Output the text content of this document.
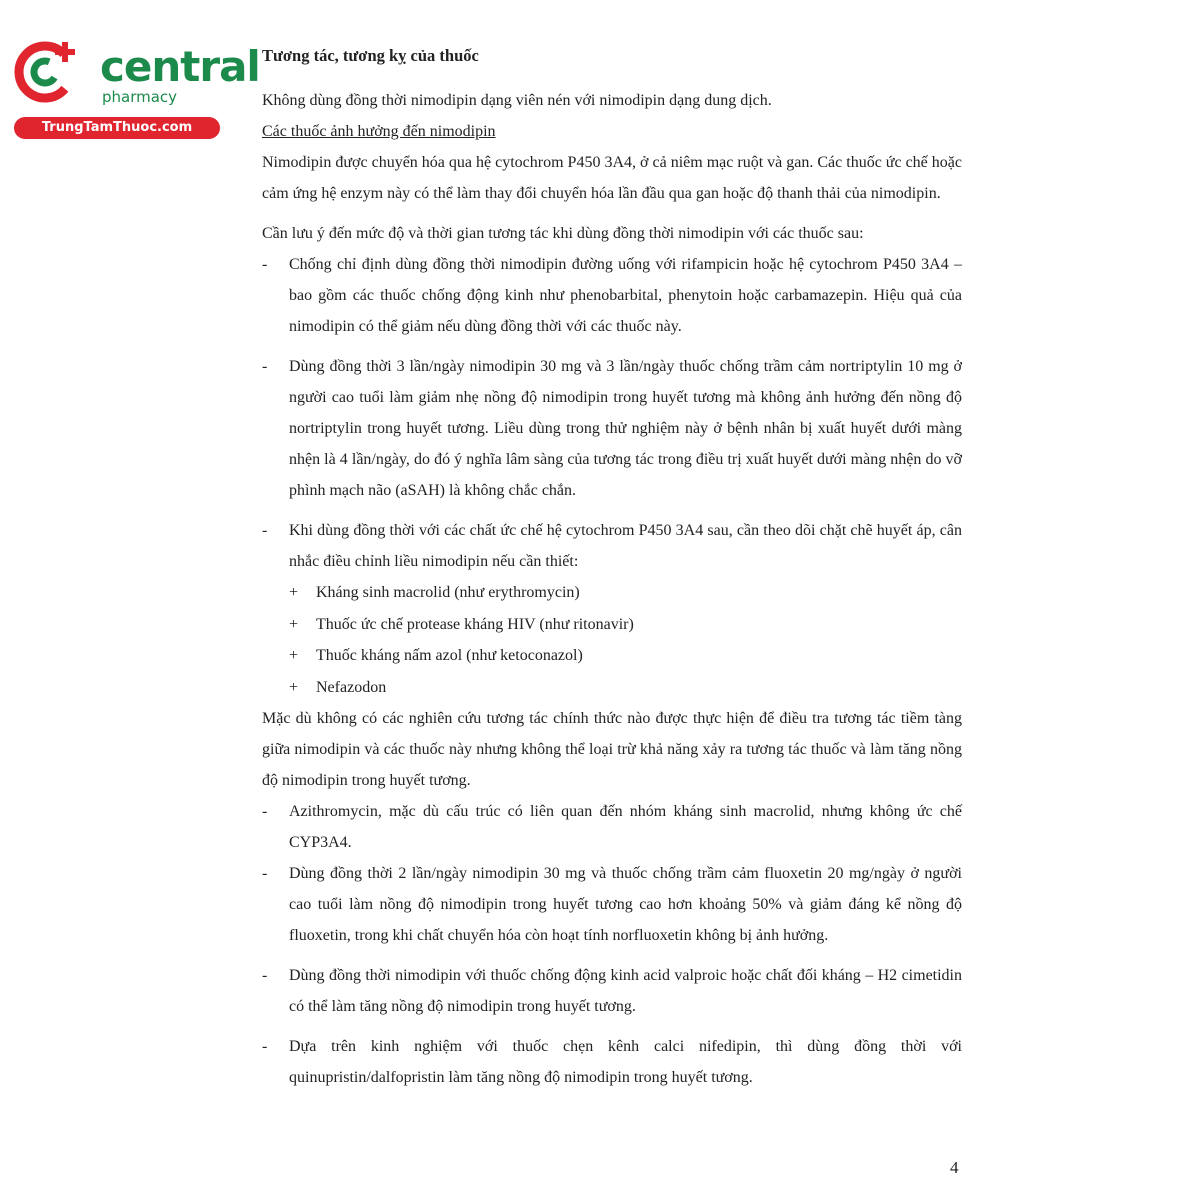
central
pharmacy
TrungTamThuoc.com
Tương tác, tương kỵ của thuốc

Không dùng đồng thời nimodipin dạng viên nén với nimodipin dạng dung dịch.

Các thuốc ảnh hưởng đến nimodipin

Nimodipin được chuyển hóa qua hệ cytochrom P450 3A4, ở cả niêm mạc ruột và gan. Các thuốc ức chế hoặc cảm ứng hệ enzym này có thể làm thay đổi chuyển hóa lần đầu qua gan hoặc độ thanh thải của nimodipin.

Cần lưu ý đến mức độ và thời gian tương tác khi dùng đồng thời nimodipin với các thuốc sau:

- Chống chỉ định dùng đồng thời nimodipin đường uống với rifampicin hoặc hệ cytochrom P450 3A4 – bao gồm các thuốc chống động kinh như phenobarbital, phenytoin hoặc carbamazepin. Hiệu quả của nimodipin có thể giảm nếu dùng đồng thời với các thuốc này.
- Dùng đồng thời 3 lần/ngày nimodipin 30 mg và 3 lần/ngày thuốc chống trầm cảm nortriptylin 10 mg ở người cao tuổi làm giảm nhẹ nồng độ nimodipin trong huyết tương mà không ảnh hưởng đến nồng độ nortriptylin trong huyết tương. Liều dùng trong thử nghiệm này ở bệnh nhân bị xuất huyết dưới màng nhện là 4 lần/ngày, do đó ý nghĩa lâm sàng của tương tác trong điều trị xuất huyết dưới màng nhện do vỡ phình mạch não (aSAH) là không chắc chắn.
- Khi dùng đồng thời với các chất ức chế hệ cytochrom P450 3A4 sau, cần theo dõi chặt chẽ huyết áp, cân nhắc điều chỉnh liều nimodipin nếu cần thiết:
+ Kháng sinh macrolid (như erythromycin)
+ Thuốc ức chế protease kháng HIV (như ritonavir)
+ Thuốc kháng nấm azol (như ketoconazol)
+ Nefazodon

Mặc dù không có các nghiên cứu tương tác chính thức nào được thực hiện để điều tra tương tác tiềm tàng giữa nimodipin và các thuốc này nhưng không thể loại trừ khả năng xảy ra tương tác thuốc và làm tăng nồng độ nimodipin trong huyết tương.

- Azithromycin, mặc dù cấu trúc có liên quan đến nhóm kháng sinh macrolid, nhưng không ức chế CYP3A4.
- Dùng đồng thời 2 lần/ngày nimodipin 30 mg và thuốc chống trầm cảm fluoxetin 20 mg/ngày ở người cao tuổi làm nồng độ nimodipin trong huyết tương cao hơn khoảng 50% và giảm đáng kể nồng độ fluoxetin, trong khi chất chuyển hóa còn hoạt tính norfluoxetin không bị ảnh hưởng.
- Dùng đồng thời nimodipin với thuốc chống động kinh acid valproic hoặc chất đối kháng – H2 cimetidin có thể làm tăng nồng độ nimodipin trong huyết tương.
- Dựa trên kinh nghiệm với thuốc chẹn kênh calci nifedipin, thì dùng đồng thời với quinupristin/dalfopristin làm tăng nồng độ nimodipin trong huyết tương.
4
